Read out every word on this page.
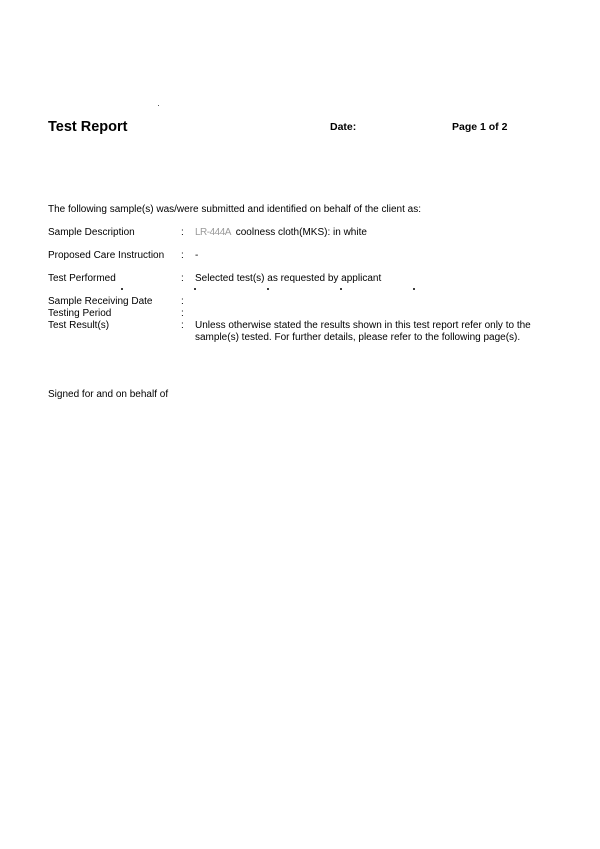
Test Report	Date:	Page 1 of 2
The following sample(s) was/were submitted and identified on behalf of the client as:
Sample Description	: LR-444A coolness cloth(MKS): in white
Proposed Care Instruction : -
Test Performed	: Selected test(s) as requested by applicant
Sample Receiving Date	:
Testing Period	:
Test Result(s)	: Unless otherwise stated the results shown in this test report refer only to the sample(s) tested. For further details, please refer to the following page(s).
Signed for and on behalf of
